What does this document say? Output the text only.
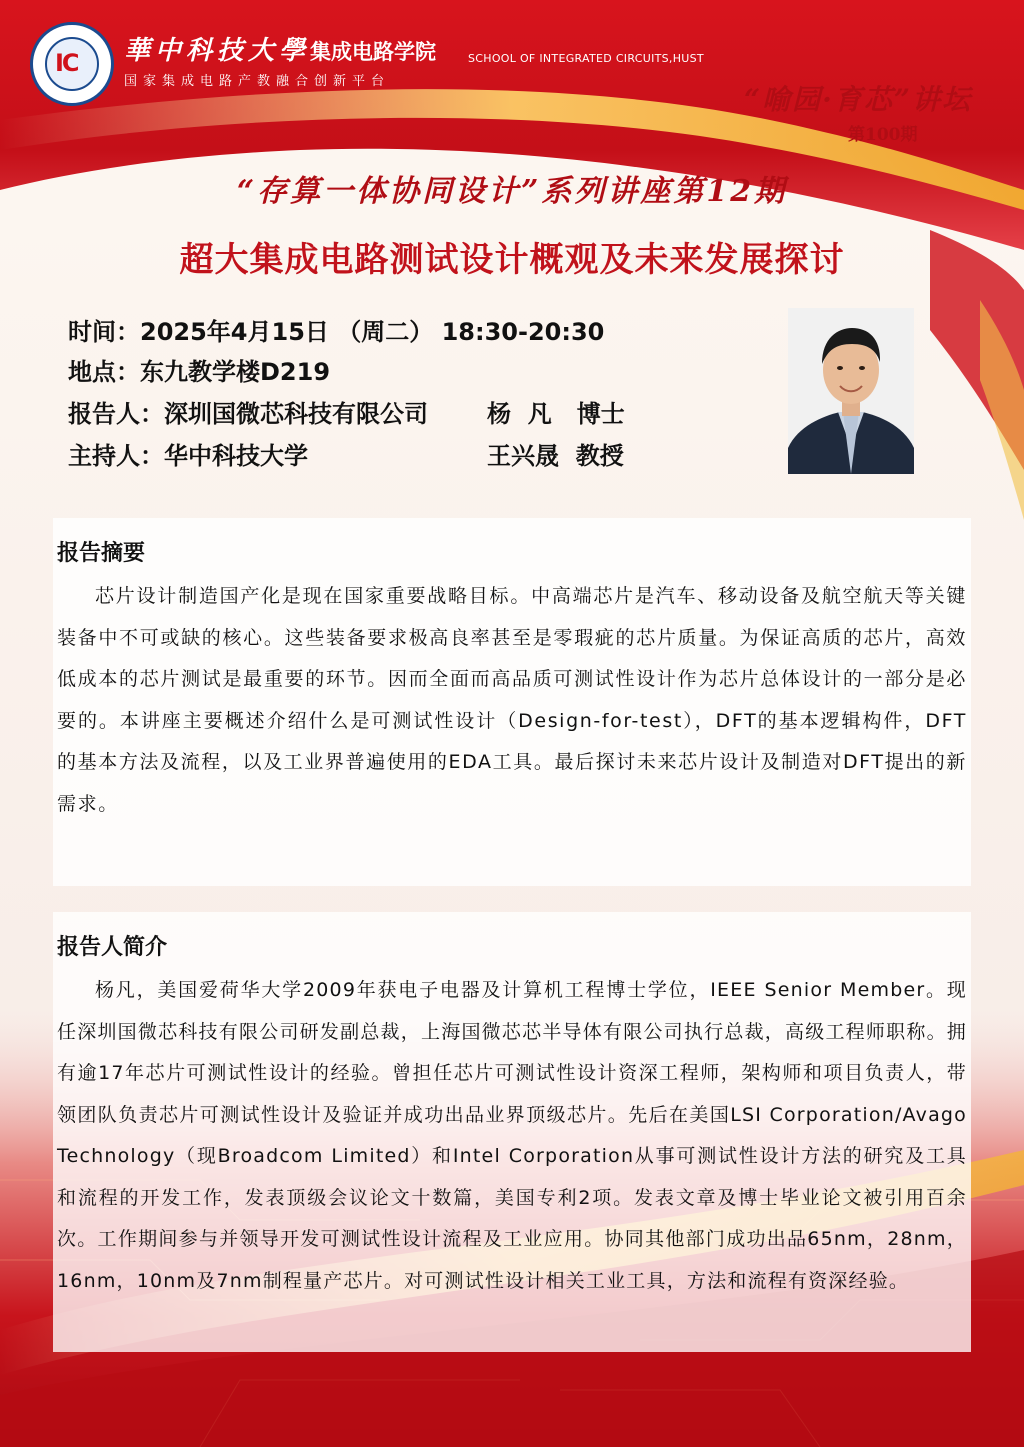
IC 華中科技大學 集成电路学院
国家集成电路产教融合创新平台
SCHOOL OF INTEGRATED CIRCUITS,HUST
“喻园·育芯”讲坛
第100期
“存算一体协同设计”系列讲座第12期
超大集成电路测试设计概观及未来发展探讨
时间：2025年4月15日 （周二） 18:30-20:30
地点：东九教学楼D219
报告人：深圳国微芯科技有限公司 杨  凡   博士
主持人：华中科技大学	王兴晟  教授
报告摘要
芯片设计制造国产化是现在国家重要战略目标。中高端芯片是汽车、移动设备及航空航天等关键装备中不可或缺的核心。这些装备要求极高良率甚至是零瑕疵的芯片质量。为保证高质的芯片，高效低成本的芯片测试是最重要的环节。因而全面而高品质可测试性设计作为芯片总体设计的一部分是必要的。本讲座主要概述介绍什么是可测试性设计（Design-for-test），DFT的基本逻辑构件，DFT的基本方法及流程，以及工业界普遍使用的EDA工具。最后探讨未来芯片设计及制造对DFT提出的新需求。
报告人简介
杨凡，美国爱荷华大学2009年获电子电器及计算机工程博士学位，IEEE Senior Member。现任深圳国微芯科技有限公司研发副总裁，上海国微芯芯半导体有限公司执行总裁，高级工程师职称。拥有逾17年芯片可测试性设计的经验。曾担任芯片可测试性设计资深工程师，架构师和项目负责人，带领团队负责芯片可测试性设计及验证并成功出品业界顶级芯片。先后在美国LSI Corporation/Avago Technology（现Broadcom Limited）和Intel Corporation从事可测试性设计方法的研究及工具和流程的开发工作，发表顶级会议论文十数篇，美国专利2项。发表文章及博士毕业论文被引用百余次。工作期间参与并领导开发可测试性设计流程及工业应用。协同其他部门成功出品65nm，28nm，16nm，10nm及7nm制程量产芯片。对可测试性设计相关工业工具，方法和流程有资深经验。
